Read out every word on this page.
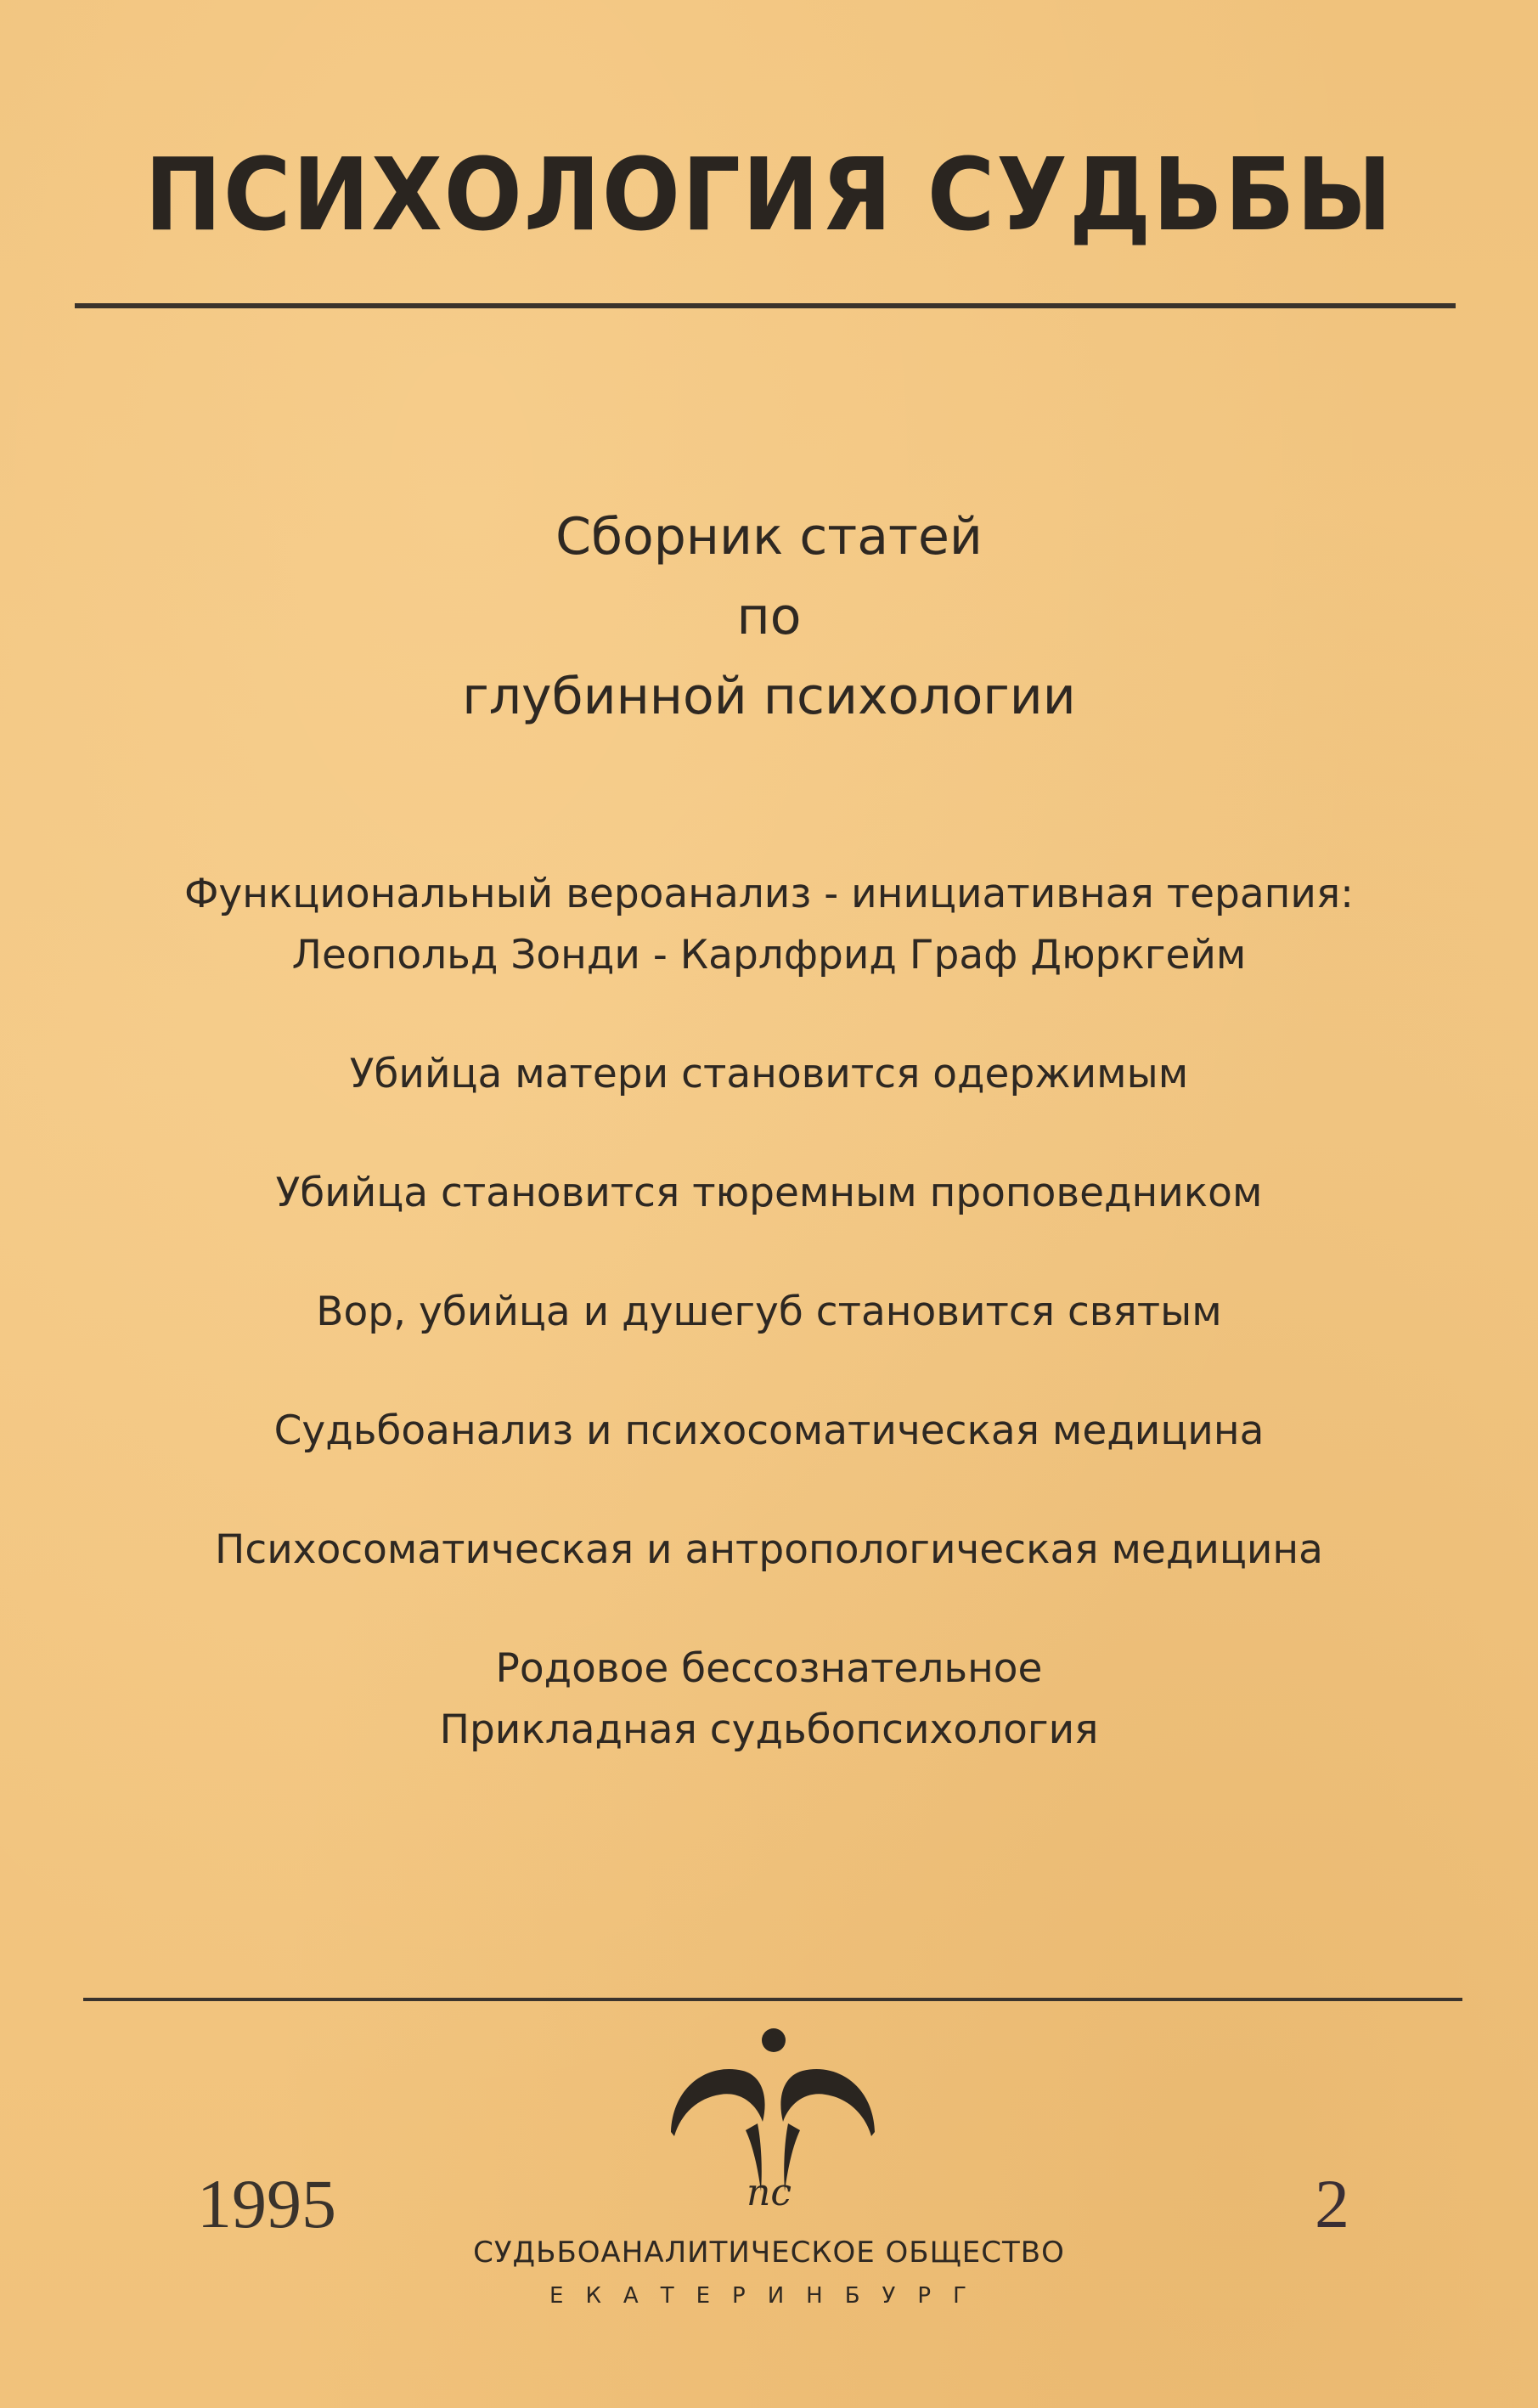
ПСИХОЛОГИЯ СУДЬБЫ
Сборник статей
по
глубинной психологии
Функциональный вероанализ - инициативная терапия:
Леопольд Зонди - Карлфрид Граф Дюркгейм
Убийца матери становится одержимым
Убийца становится тюремным проповедником
Вор, убийца и душегуб становится святым
Судьбоанализ и психосоматическая медицина
Психосоматическая и антропологическая медицина
Родовое бессознательное
Прикладная судьбопсихология
1995	пс	2
СУДЬБОАНАЛИТИЧЕСКОЕ ОБЩЕСТВО
ЕКАТЕРИНБУРГ
